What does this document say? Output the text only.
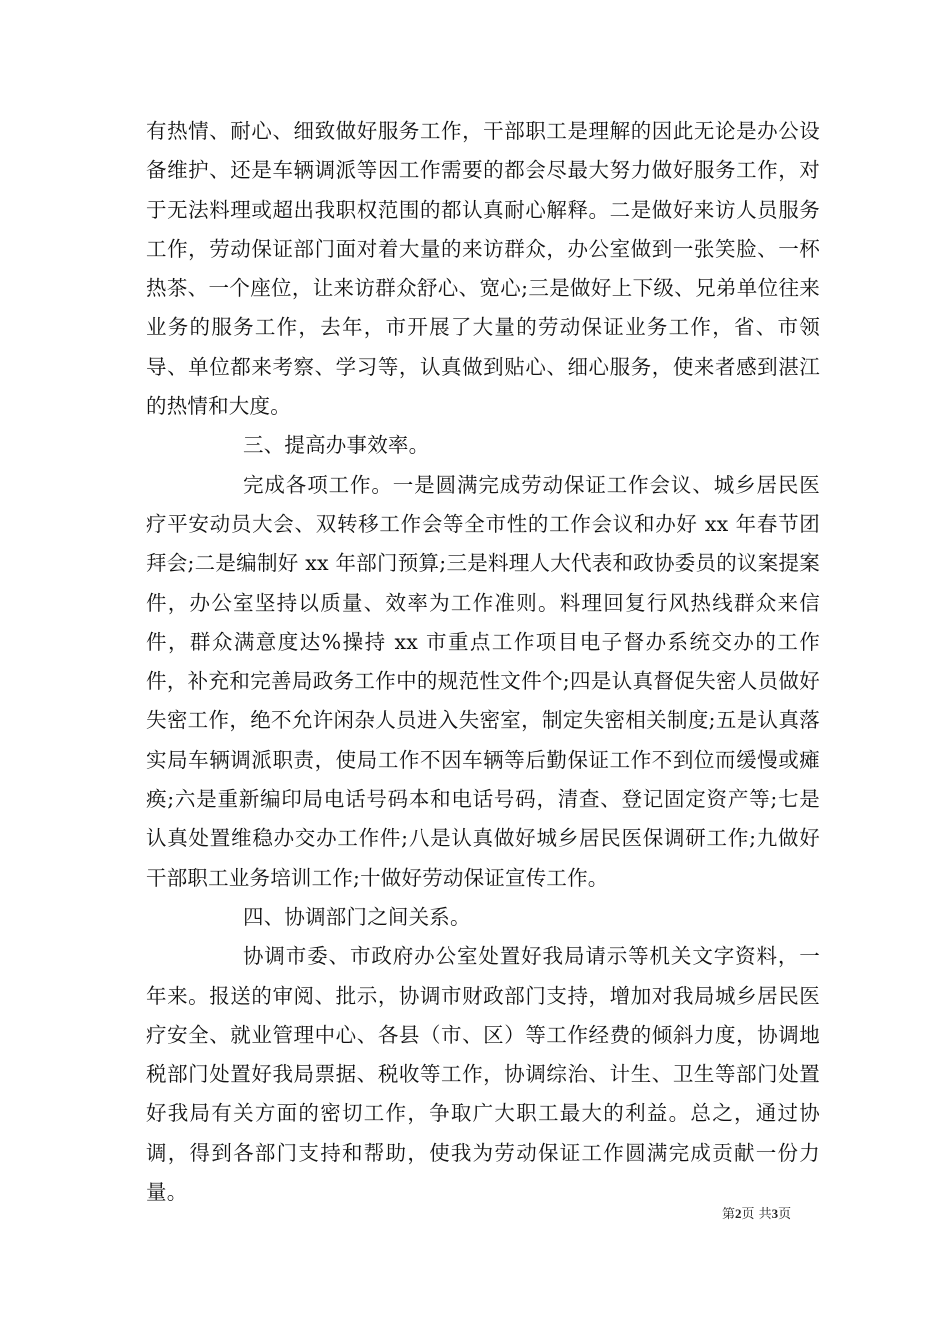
有热情、耐心、细致做好服务工作，干部职工是理解的因此无论是办公设备维护、还是车辆调派等因工作需要的都会尽最大努力做好服务工作，对于无法料理或超出我职权范围的都认真耐心解释。二是做好来访人员服务工作，劳动保证部门面对着大量的来访群众，办公室做到一张笑脸、一杯热茶、一个座位，让来访群众舒心、宽心;三是做好上下级、兄弟单位往来业务的服务工作，去年，市开展了大量的劳动保证业务工作，省、市领导、单位都来考察、学习等，认真做到贴心、细心服务，使来者感到湛江的热情和大度。

三、提高办事效率。

完成各项工作。一是圆满完成劳动保证工作会议、城乡居民医疗平安动员大会、双转移工作会等全市性的工作会议和办好 xx 年春节团拜会;二是编制好 xx 年部门预算;三是料理人大代表和政协委员的议案提案件，办公室坚持以质量、效率为工作准则。料理回复行风热线群众来信件，群众满意度达%操持 xx 市重点工作项目电子督办系统交办的工作件，补充和完善局政务工作中的规范性文件个;四是认真督促失密人员做好失密工作，绝不允许闲杂人员进入失密室，制定失密相关制度;五是认真落实局车辆调派职责，使局工作不因车辆等后勤保证工作不到位而缓慢或瘫痪;六是重新编印局电话号码本和电话号码，清查、登记固定资产等;七是认真处置维稳办交办工作件;八是认真做好城乡居民医保调研工作;九做好干部职工业务培训工作;十做好劳动保证宣传工作。

四、协调部门之间关系。

协调市委、市政府办公室处置好我局请示等机关文字资料，一年来。报送的审阅、批示，协调市财政部门支持，增加对我局城乡居民医疗安全、就业管理中心、各县（市、区）等工作经费的倾斜力度，协调地税部门处置好我局票据、税收等工作，协调综治、计生、卫生等部门处置好我局有关方面的密切工作，争取广大职工最大的利益。总之，通过协调，得到各部门支持和帮助，使我为劳动保证工作圆满完成贡献一份力量。

第2页 共3页
